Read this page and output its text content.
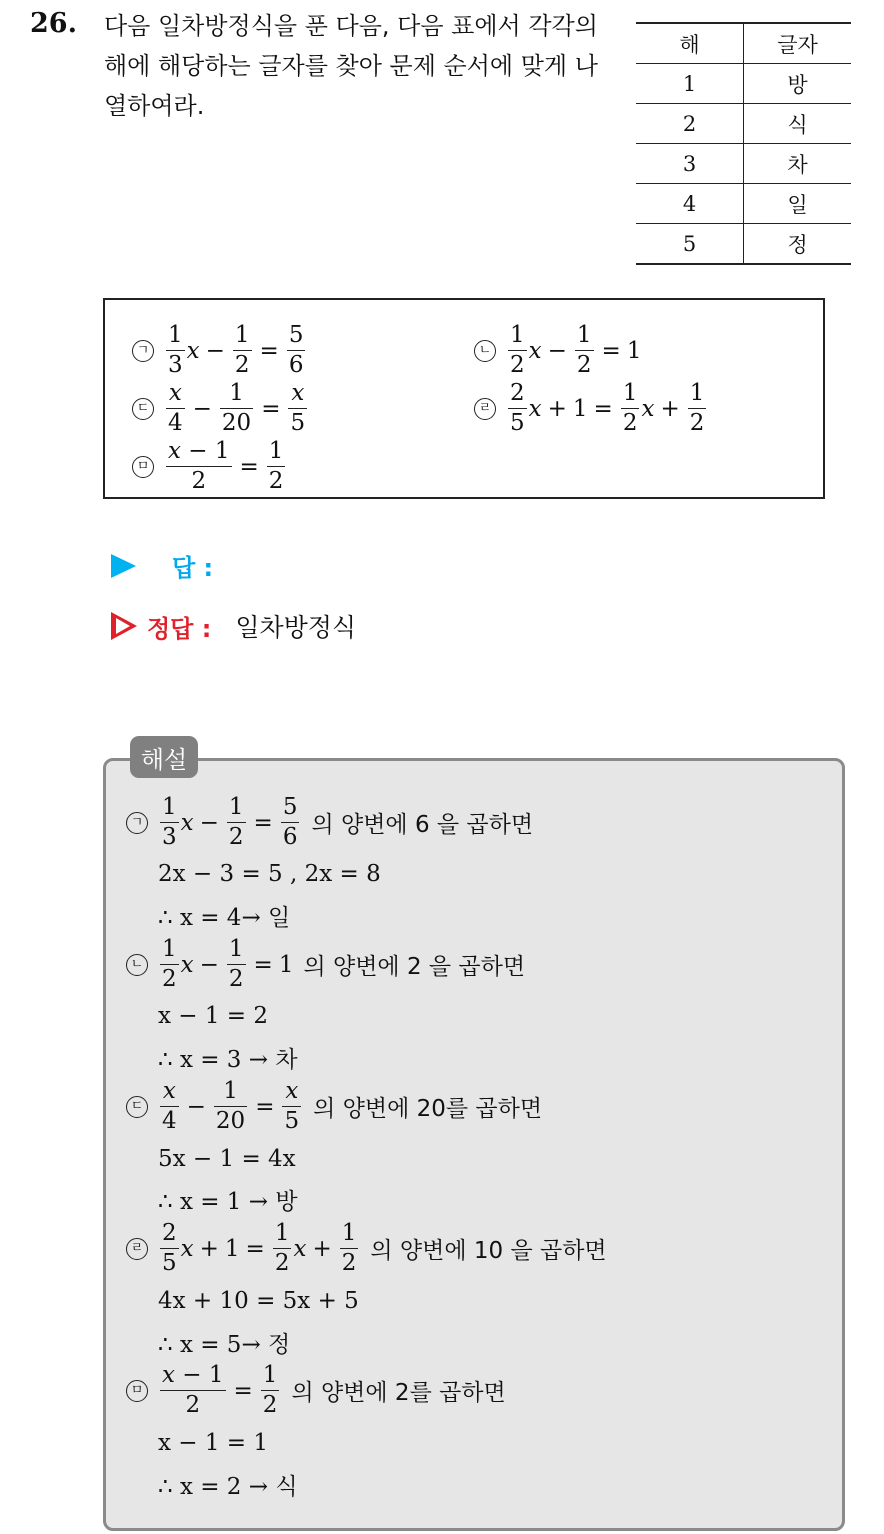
26. 다음 일차방정식을 푼 다음, 다음 표에서 각각의 해에 해당하는 글자를 찾아 문제 순서에 맞게 나열하여라.
해	글자
1	방
2	식
3	차
4	일
5	정
ㄱ $\frac{1}{3}$ $x - \frac{1}{2} = \frac{5}{6}$	ㄴ $\frac{1}{2}$ $x - \frac{1}{2} = 1$
ㄷ $\frac{x}{4} - \frac{1}{20} = \frac{x}{5}$	ㄹ $\frac{2}{5}$ $x + 1 = \frac{1}{2}$ $x + \frac{1}{2}$
ㅁ $\frac{x - 1}{2} = \frac{1}{2}$
답 :
정답 : 일차방정식
해설
ㄱ $\frac{1}{3}$ $x - \frac{1}{2} = \frac{5}{6}$ 의 양변에 6 을 곱하면
2x − 3 = 5 , 2x = 8
∴ x = 4→ 일
ㄴ $\frac{1}{2}$ $x - \frac{1}{2} = 1$ 의 양변에 2 을 곱하면
x − 1 = 2
∴ x = 3 → 차
ㄷ $\frac{x}{4} - \frac{1}{20} = \frac{x}{5}$ 의 양변에 20를 곱하면
5x − 1 = 4x
∴ x = 1 → 방
ㄹ $\frac{2}{5}$ $x + 1 = \frac{1}{2}$ $x + \frac{1}{2}$ 의 양변에 10 을 곱하면
4x + 10 = 5x + 5
∴ x = 5→ 정
ㅁ $\frac{x - 1}{2} = \frac{1}{2}$ 의 양변에 2를 곱하면
x − 1 = 1
∴ x = 2 → 식
